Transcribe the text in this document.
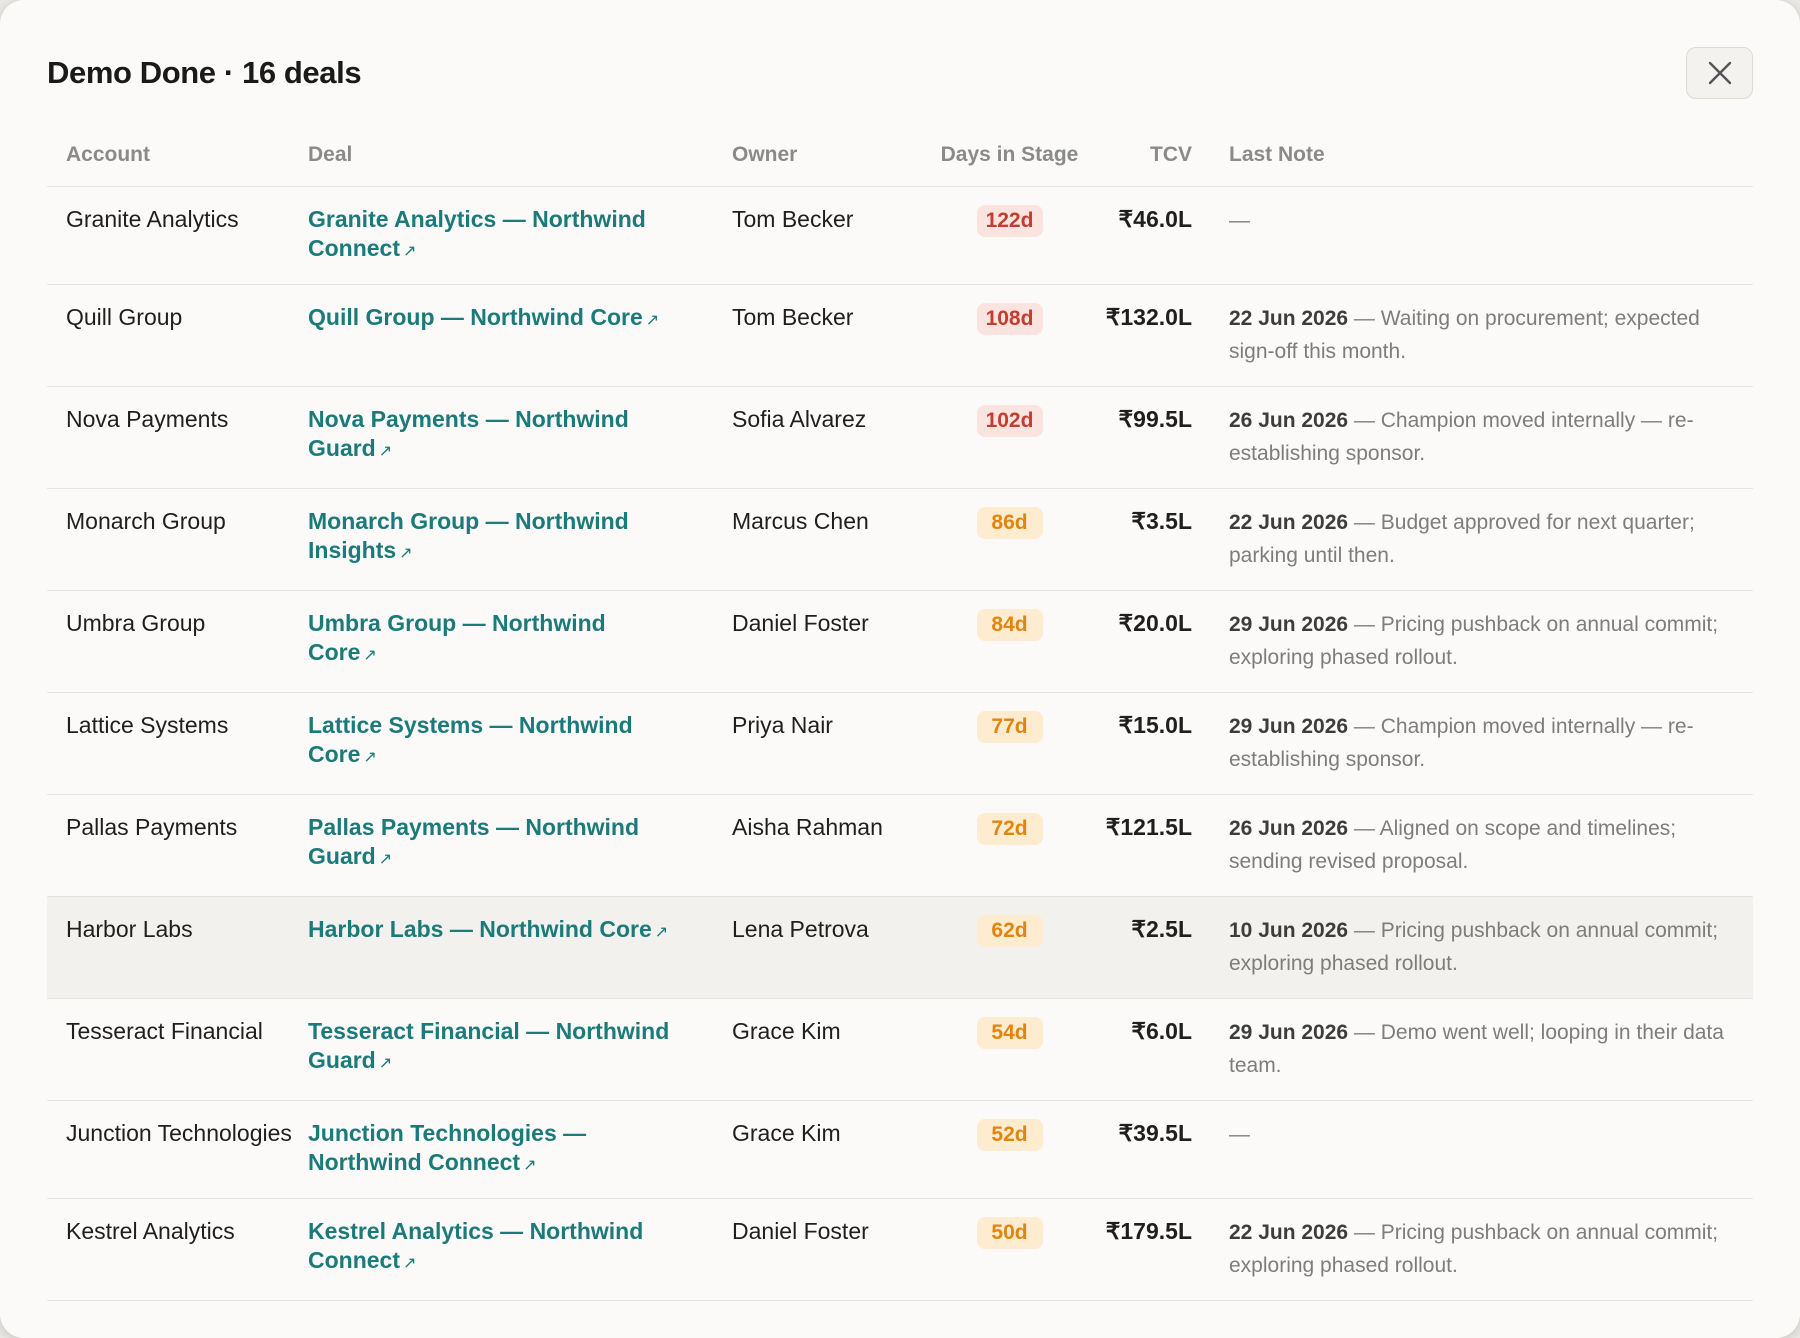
Demo Done · 16 deals
Account	Deal	Owner	Days in Stage	TCV	Last Note
Granite Analytics	Granite Analytics — Northwind Connect ↗	Tom Becker	122d	₹46.0L	—

Quill Group	Quill Group — Northwind Core ↗	Tom Becker	108d	₹132.0L	22 Jun 2026 — Waiting on procurement; expected sign-off this month.

Nova Payments	Nova Payments — Northwind Guard ↗	Sofia Alvarez	102d	₹99.5L	26 Jun 2026 — Champion moved internally — re-establishing sponsor.

Monarch Group	Monarch Group — Northwind Insights ↗	Marcus Chen	86d	₹3.5L	22 Jun 2026 — Budget approved for next quarter; parking until then.

Umbra Group	Umbra Group — Northwind Core ↗	Daniel Foster	84d	₹20.0L	29 Jun 2026 — Pricing pushback on annual commit; exploring phased rollout.

Lattice Systems	Lattice Systems — Northwind Core ↗	Priya Nair	77d	₹15.0L	29 Jun 2026 — Champion moved internally — re-establishing sponsor.

Pallas Payments	Pallas Payments — Northwind Guard ↗	Aisha Rahman	72d	₹121.5L	26 Jun 2026 — Aligned on scope and timelines; sending revised proposal.

Harbor Labs	Harbor Labs — Northwind Core ↗	Lena Petrova	62d	₹2.5L	10 Jun 2026 — Pricing pushback on annual commit; exploring phased rollout.

Tesseract Financial	Tesseract Financial — Northwind Guard ↗	Grace Kim	54d	₹6.0L	29 Jun 2026 — Demo went well; looping in their data team.

Junction Technologies	Junction Technologies — Northwind Connect ↗	Grace Kim	52d	₹39.5L	—

Kestrel Analytics	Kestrel Analytics — Northwind Connect ↗	Daniel Foster	50d	₹179.5L	22 Jun 2026 — Pricing pushback on annual commit; exploring phased rollout.
